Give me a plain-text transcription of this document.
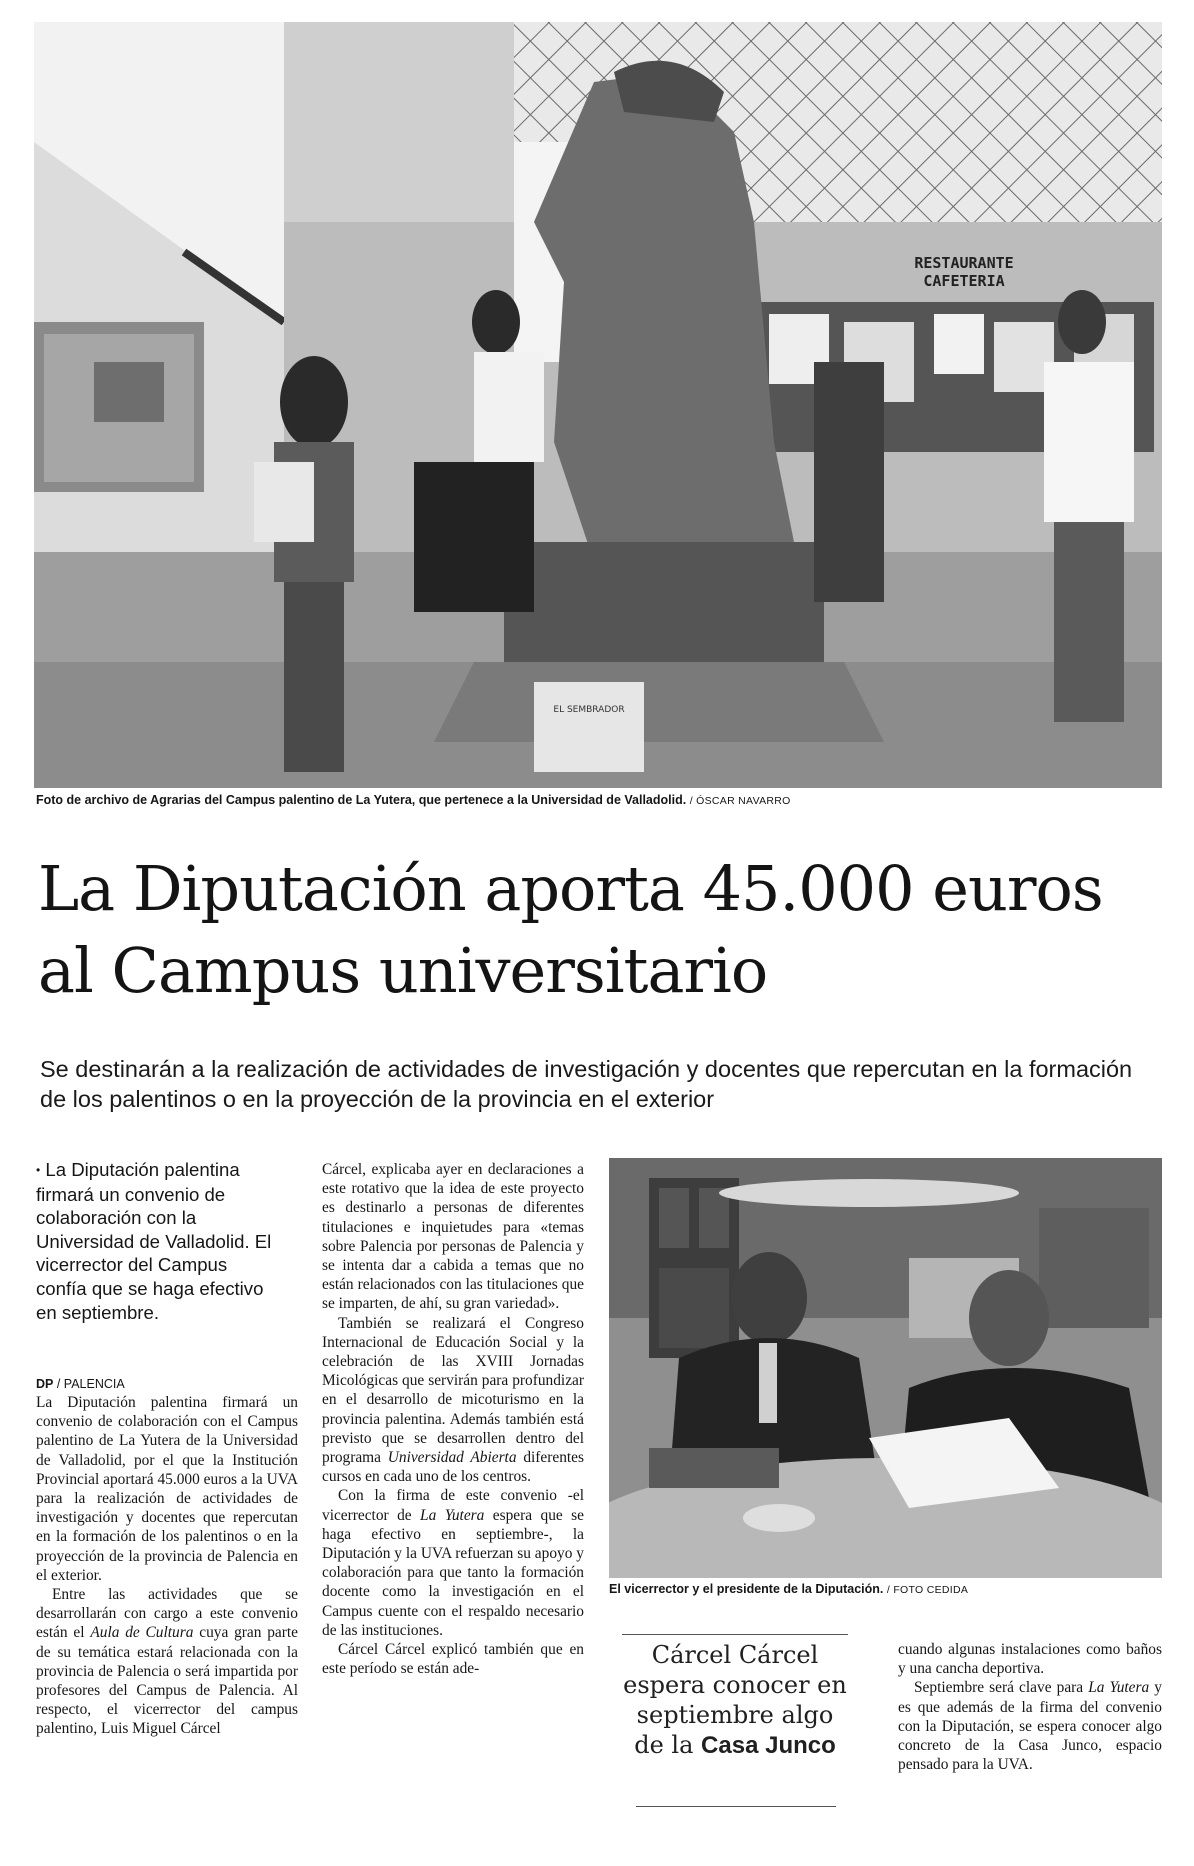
RESTAURANTE
CAFETERIA
EL SEMBRADOR
Foto de archivo de Agrarias del Campus palentino de La Yutera, que pertenece a la Universidad de Valladolid. / ÓSCAR NAVARRO
La Diputación aporta 45.000 euros al Campus universitario

Se destinarán a la realización de actividades de investigación y docentes que repercutan en la formación de los palentinos o en la proyección de la provincia en el exterior

• La Diputación palentina firmará un convenio de colaboración con la Universidad de Valladolid. El vicerrector del Campus confía que se haga efectivo en septiembre.

DP / PALENCIA

La Diputación palentina firmará un convenio de colaboración con el Campus palentino de La Yutera de la Universidad de Valladolid, por el que la Institución Provincial aportará 45.000 euros a la UVA para la realización de actividades de investigación y docentes que repercutan en la formación de los palentinos o en la proyección de la provincia de Palencia en el exterior.

Entre las actividades que se desarrollarán con cargo a este convenio están el Aula de Cultura cuya gran parte de su temática estará relacionada con la provincia de Palencia o será impartida por profesores del Campus de Palencia. Al respecto, el vicerrector del campus palentino, Luis Miguel Cárcel

Cárcel, explicaba ayer en declaraciones a este rotativo que la idea de este proyecto es destinarlo a personas de diferentes titulaciones e inquietudes para «temas sobre Palencia por personas de Palencia y se intenta dar a cabida a temas que no están relacionados con las titulaciones que se imparten, de ahí, su gran variedad».

También se realizará el Congreso Internacional de Educación Social y la celebración de las XVIII Jornadas Micológicas que servirán para profundizar en el desarrollo de micoturismo en la provincia palentina. Además también está previsto que se desarrollen dentro del programa Universidad Abierta diferentes cursos en cada uno de los centros.

Con la firma de este convenio -el vicerrector de La Yutera espera que se haga efectivo en septiembre-, la Diputación y la UVA refuerzan su apoyo y colaboración para que tanto la formación docente como la investigación en el Campus cuente con el respaldo necesario de las instituciones.

Cárcel Cárcel explicó también que en este período se están ade-

El vicerrector y el presidente de la Diputación. / FOTO CEDIDA
Cárcel Cárcel espera conocer en septiembre algo de la Casa Junco

cuando algunas instalaciones como baños y una cancha deportiva.

Septiembre será clave para La Yutera y es que además de la firma del convenio con la Diputación, se espera conocer algo concreto de la Casa Junco, espacio pensado para la UVA.
